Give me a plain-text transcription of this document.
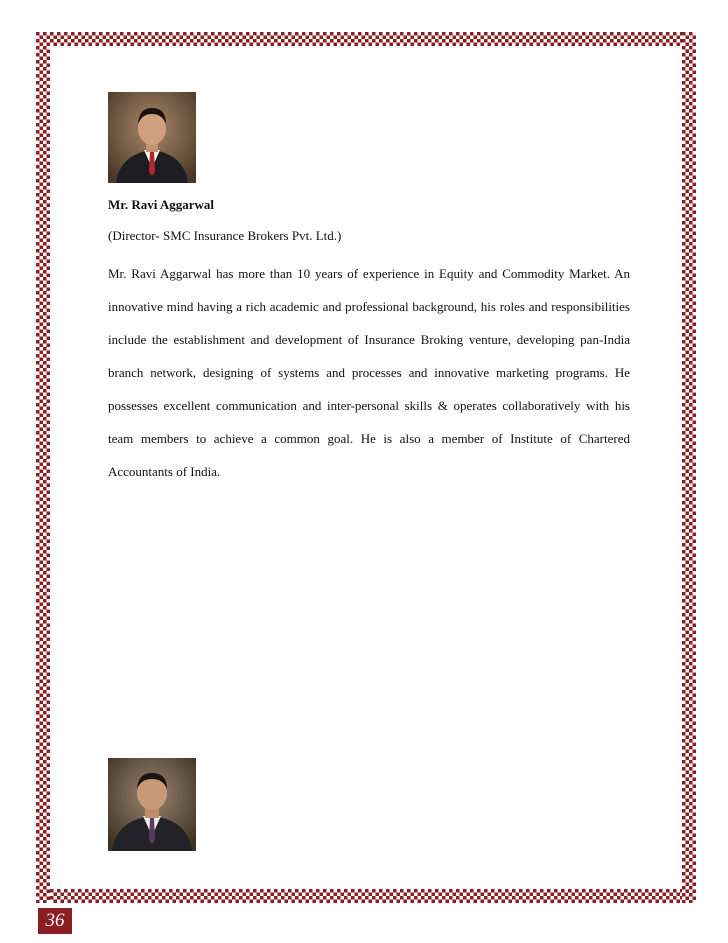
Mr. Ravi Aggarwal

(Director- SMC Insurance Brokers Pvt. Ltd.)

Mr. Ravi Aggarwal has more than 10 years of experience in Equity and Commodity Market. An innovative mind having a rich academic and professional background, his roles and responsibilities include the establishment and development of Insurance Broking venture, developing pan-India branch network, designing of systems and processes and innovative marketing programs. He possesses excellent communication and inter-personal skills & operates collaboratively with his team members to achieve a common goal. He is also a member of Institute of Chartered Accountants of India.

36
